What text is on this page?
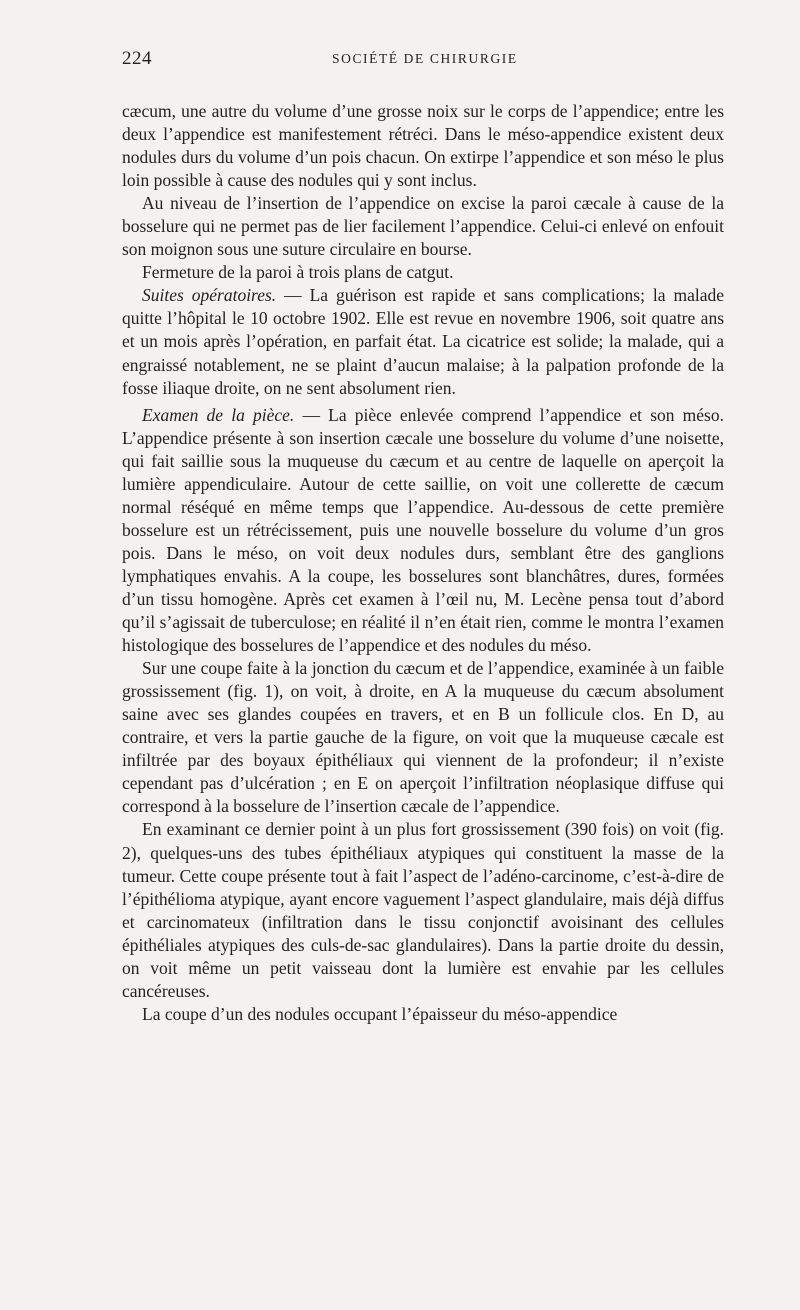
224	SOCIÉTÉ DE CHIRURGIE

cæcum, une autre du volume d’une grosse noix sur le corps de l’appendice; entre les deux l’appendice est manifestement rétréci. Dans le méso-appendice existent deux nodules durs du volume d’un pois chacun. On extirpe l’appendice et son méso le plus loin possible à cause des nodules qui y sont inclus.

Au niveau de l’insertion de l’appendice on excise la paroi cæcale à cause de la bosselure qui ne permet pas de lier facilement l’appendice. Celui-ci enlevé on enfouit son moignon sous une suture circulaire en bourse.

Fermeture de la paroi à trois plans de catgut.

Suites opératoires. — La guérison est rapide et sans complications; la malade quitte l’hôpital le 10 octobre 1902. Elle est revue en novembre 1906, soit quatre ans et un mois après l’opération, en parfait état. La cicatrice est solide; la malade, qui a engraissé notablement, ne se plaint d’aucun malaise; à la palpation profonde de la fosse iliaque droite, on ne sent absolument rien.

Examen de la pièce. — La pièce enlevée comprend l’appendice et son méso. L’appendice présente à son insertion cæcale une bosselure du volume d’une noisette, qui fait saillie sous la muqueuse du cæcum et au centre de laquelle on aperçoit la lumière appendiculaire. Autour de cette saillie, on voit une collerette de cæcum normal réséqué en même temps que l’appendice. Au-dessous de cette première bosselure est un rétrécissement, puis une nouvelle bosselure du volume d’un gros pois. Dans le méso, on voit deux nodules durs, semblant être des ganglions lymphatiques envahis. A la coupe, les bosselures sont blanchâtres, dures, formées d’un tissu homogène. Après cet examen à l’œil nu, M. Lecène pensa tout d’abord qu’il s’agissait de tuberculose; en réalité il n’en était rien, comme le montra l’examen histologique des bosselures de l’appendice et des nodules du méso.

Sur une coupe faite à la jonction du cæcum et de l’appendice, examinée à un faible grossissement (fig. 1), on voit, à droite, en A la muqueuse du cæcum absolument saine avec ses glandes coupées en travers, et en B un follicule clos. En D, au contraire, et vers la partie gauche de la figure, on voit que la muqueuse cæcale est infiltrée par des boyaux épithéliaux qui viennent de la profondeur; il n’existe cependant pas d’ulcération ; en E on aperçoit l’infiltration néoplasique diffuse qui correspond à la bosselure de l’insertion cæcale de l’appendice.

En examinant ce dernier point à un plus fort grossissement (390 fois) on voit (fig. 2), quelques-uns des tubes épithéliaux atypiques qui constituent la masse de la tumeur. Cette coupe présente tout à fait l’aspect de l’adéno-carcinome, c’est-à-dire de l’épithélioma atypique, ayant encore vaguement l’aspect glandulaire, mais déjà diffus et carcinomateux (infiltration dans le tissu conjonctif avoisinant des cellules épithéliales atypiques des culs-de-sac glandulaires). Dans la partie droite du dessin, on voit même un petit vaisseau dont la lumière est envahie par les cellules cancéreuses.

La coupe d’un des nodules occupant l’épaisseur du méso-appendice
